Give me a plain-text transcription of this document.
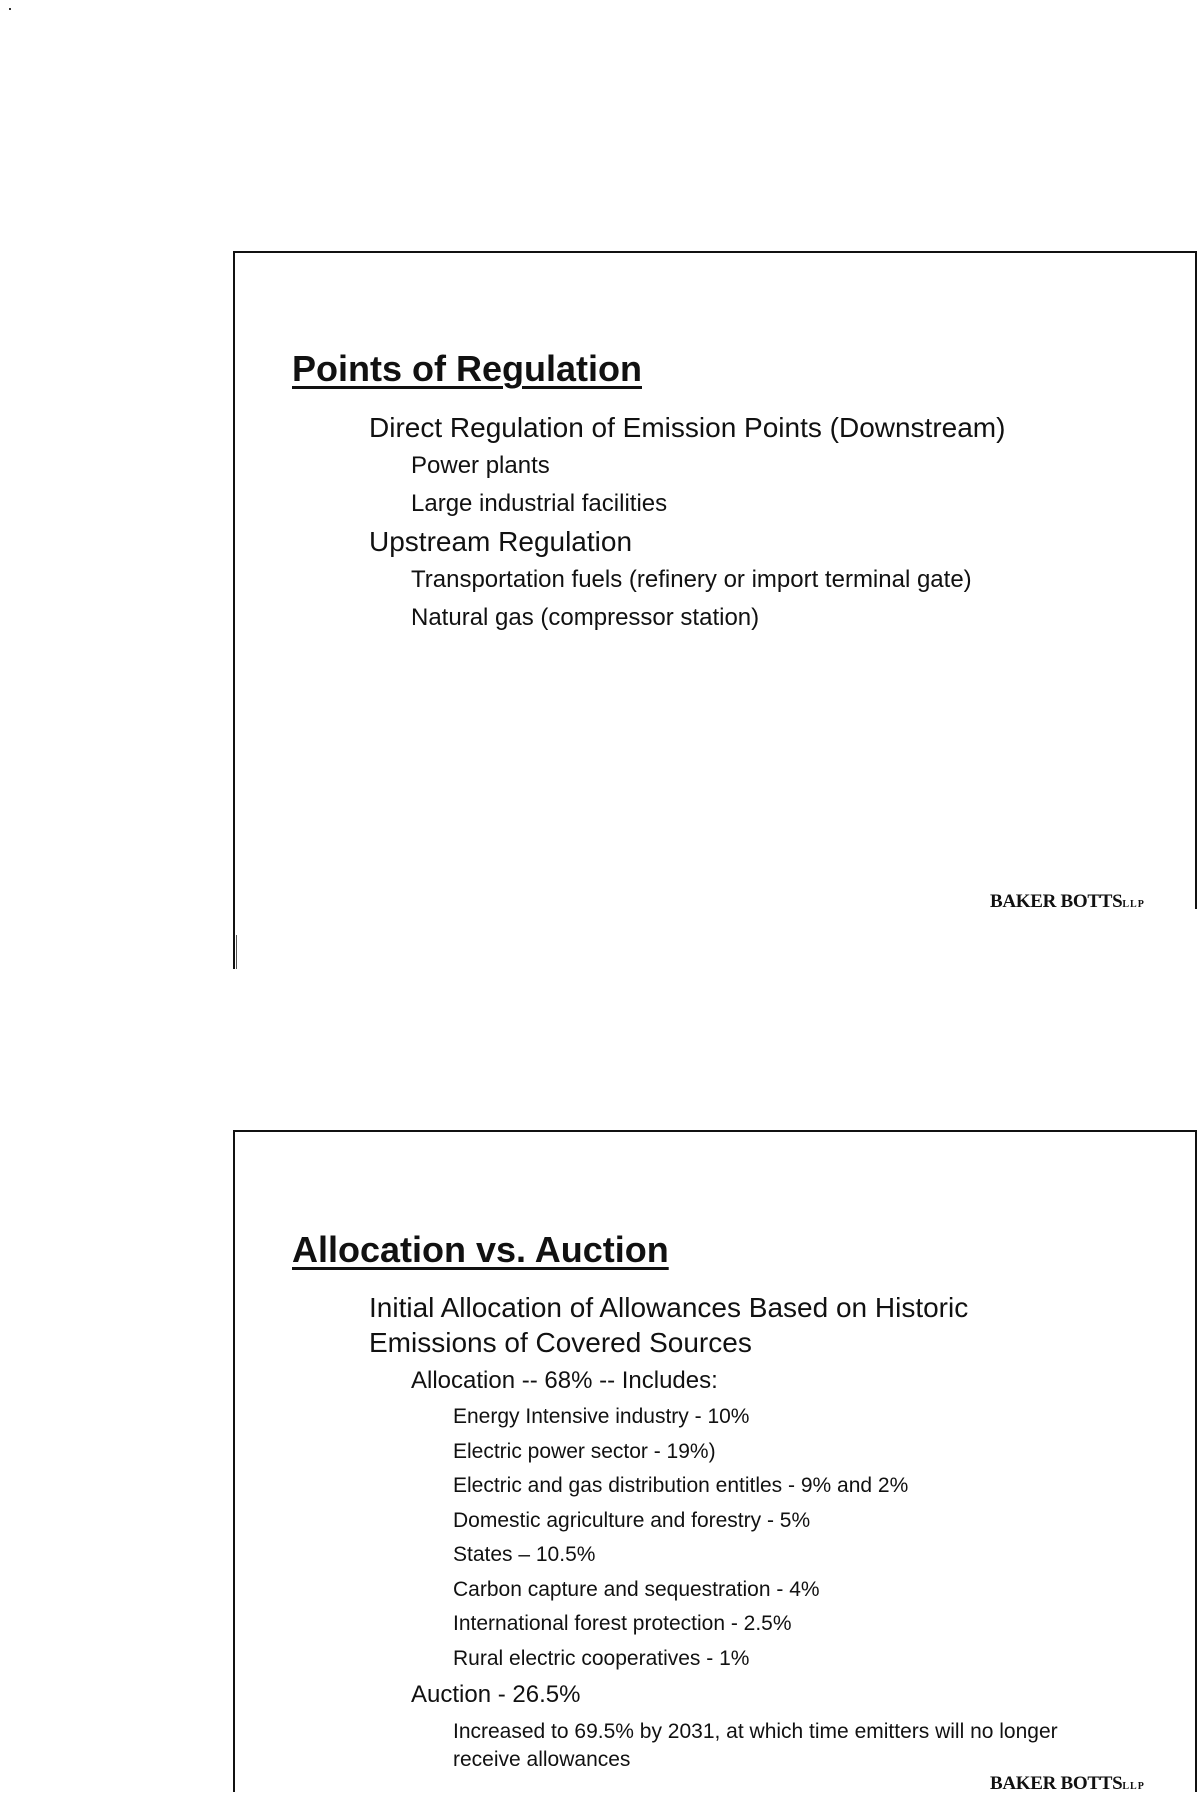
Points of Regulation
Direct Regulation of Emission Points (Downstream)
Power plants
Large industrial facilities
Upstream Regulation
Transportation fuels (refinery or import terminal gate)
Natural gas (compressor station)
BAKER BOTTSLLP
Allocation vs. Auction
Initial Allocation of Allowances Based on Historic Emissions of Covered Sources
Allocation -- 68% -- Includes:
Energy Intensive industry - 10%
Electric power sector - 19%)
Electric and gas distribution entitles - 9% and 2%
Domestic agriculture and forestry - 5%
States – 10.5%
Carbon capture and sequestration - 4%
International forest protection - 2.5%
Rural electric cooperatives - 1%
Auction - 26.5%
Increased to 69.5% by 2031, at which time emitters will no longer receive allowances
BAKER BOTTSLLP
